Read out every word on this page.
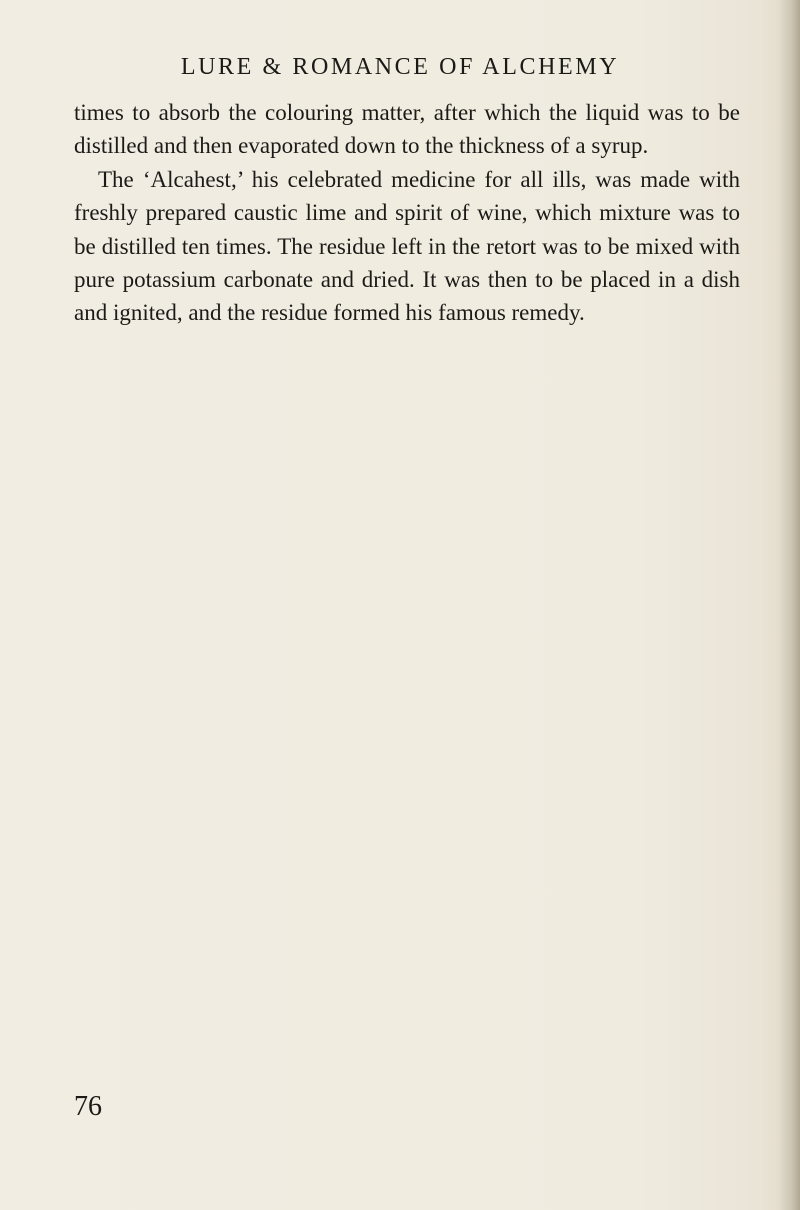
LURE & ROMANCE OF ALCHEMY

times to absorb the colouring matter, after which the liquid was to be distilled and then evaporated down to the thickness of a syrup.

The ‘Alcahest,’ his celebrated medicine for all ills, was made with freshly prepared caustic lime and spirit of wine, which mixture was to be distilled ten times. The residue left in the retort was to be mixed with pure potassium carbonate and dried. It was then to be placed in a dish and ignited, and the residue formed his famous remedy.

76
